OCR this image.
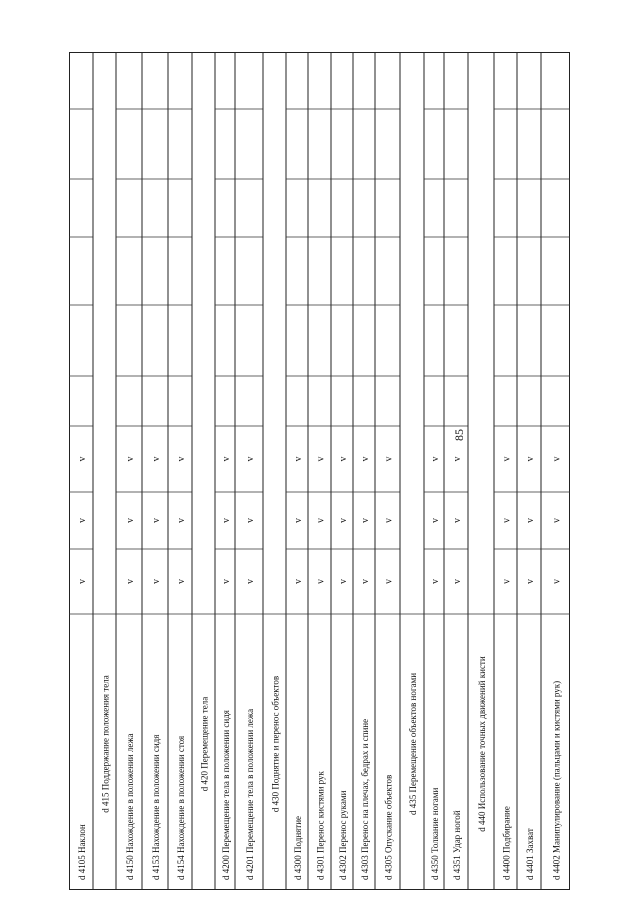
85
d 4105 Наклон
v
v
v
d 415 Поддержание положения тела d 4150 Нахождение в положении лежа
v
v
v
d 4153 Нахождение в положении сидя
v
v
v
d 4154 Нахождение в положении стоя
v
v
v
d 420 Перемещение тела d 4200 Перемещение тела в положении сидя
v
v
v
d 4201 Перемещение тела в положении лежа
v
v
v
d 430 Поднятие и перенос объектов
d 4300 Поднятие
v
v
v
d 4301 Перенос кистями рук
v
v
v
d 4302 Перенос руками
v
v
v
d 4303 Перенос на плечах, бедрах и спине
v
v
v
d 4305 Опускание объектов
v
v
v
d 435 Перемещение объектов ногами
d 4350 Толкание ногами
v
v
v
d 4351 Удар ногой
v
v
v
d 440 Использование точных движений кисти
d 4400 Подбирание
v
v
v
d 4401 Захват
v
v
v
d 4402 Манипулирование (пальцами и кистями рук)
v
v
v
